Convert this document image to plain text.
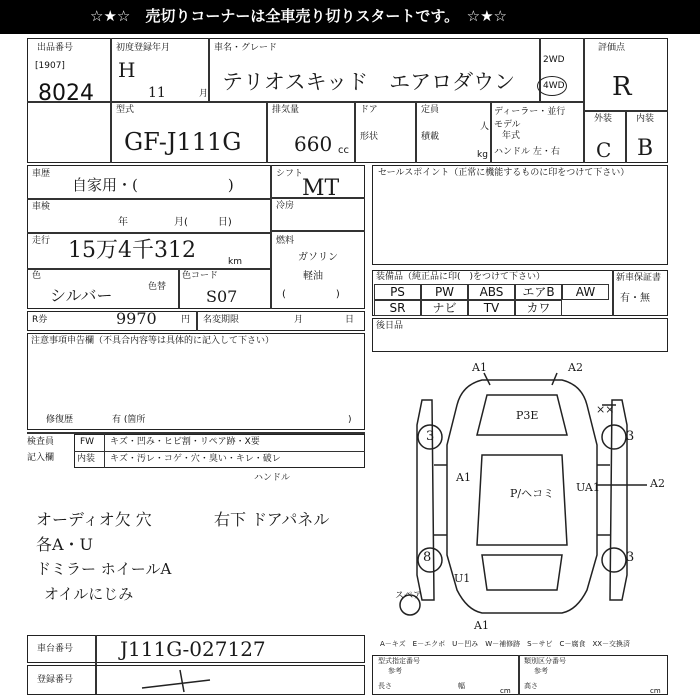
☆★☆　売切りコーナーは全車売り切りスタートです。　☆★☆
出品番号
[1907]
8024
初度登録年月
H
11	月
車名・グレード
テリオスキッド　エアロダウン
2WD
4WD
評価点
R
外装	内装
C B
型式
GF-J111G
排気量
660 cc
ドア
形状
定員
人
積載
kg
ディーラー・並行
モデル
年式
ハンドル 左・右
車歴
自家用・(　　　　　　)
車検
年	月(　　　日)
走行 15万4千312	km
色
シルバー	色替
色コード
S07
シフト
MT
冷房
燃料
ガソリン
軽油
(　　　　　)
セールスポイント（正常に機能するものに印をつけて下さい）
装備品（純正品に印(　)をつけて下さい）	新車保証書
有・無
PS	PW	ABS	エアB	AW
SR	ナビ	TV	カワ
後日品
R券	9970	円 名変期限	月	日
注意事項申告欄（不具合内容等は具体的に記入して下さい）
修復歴	有 (箇所	)
検査員
記入欄
FW キズ・凹み・ヒビ割・リペア跡・X要
内装 キズ・汚レ・コゲ・穴・臭い・キレ・破レ
ハンドル
オーディオ欠 穴
各A・U
ドミラー ホイールA
オイルにじみ
右下 ドアパネル
A1	A2
P3E	××
3	3
A1
P/ヘコミ UA1	A2
8	3
U1
A1
スペア
A－キズ　E－エクボ　U－凹み　W－補修跡　S－サビ　C－腐食　XX－交換済
車台番号 J111G-027127
登録番号
型式指定番号
参考
長さ	幅
cm
類別区分番号
参考
高さ
cm
